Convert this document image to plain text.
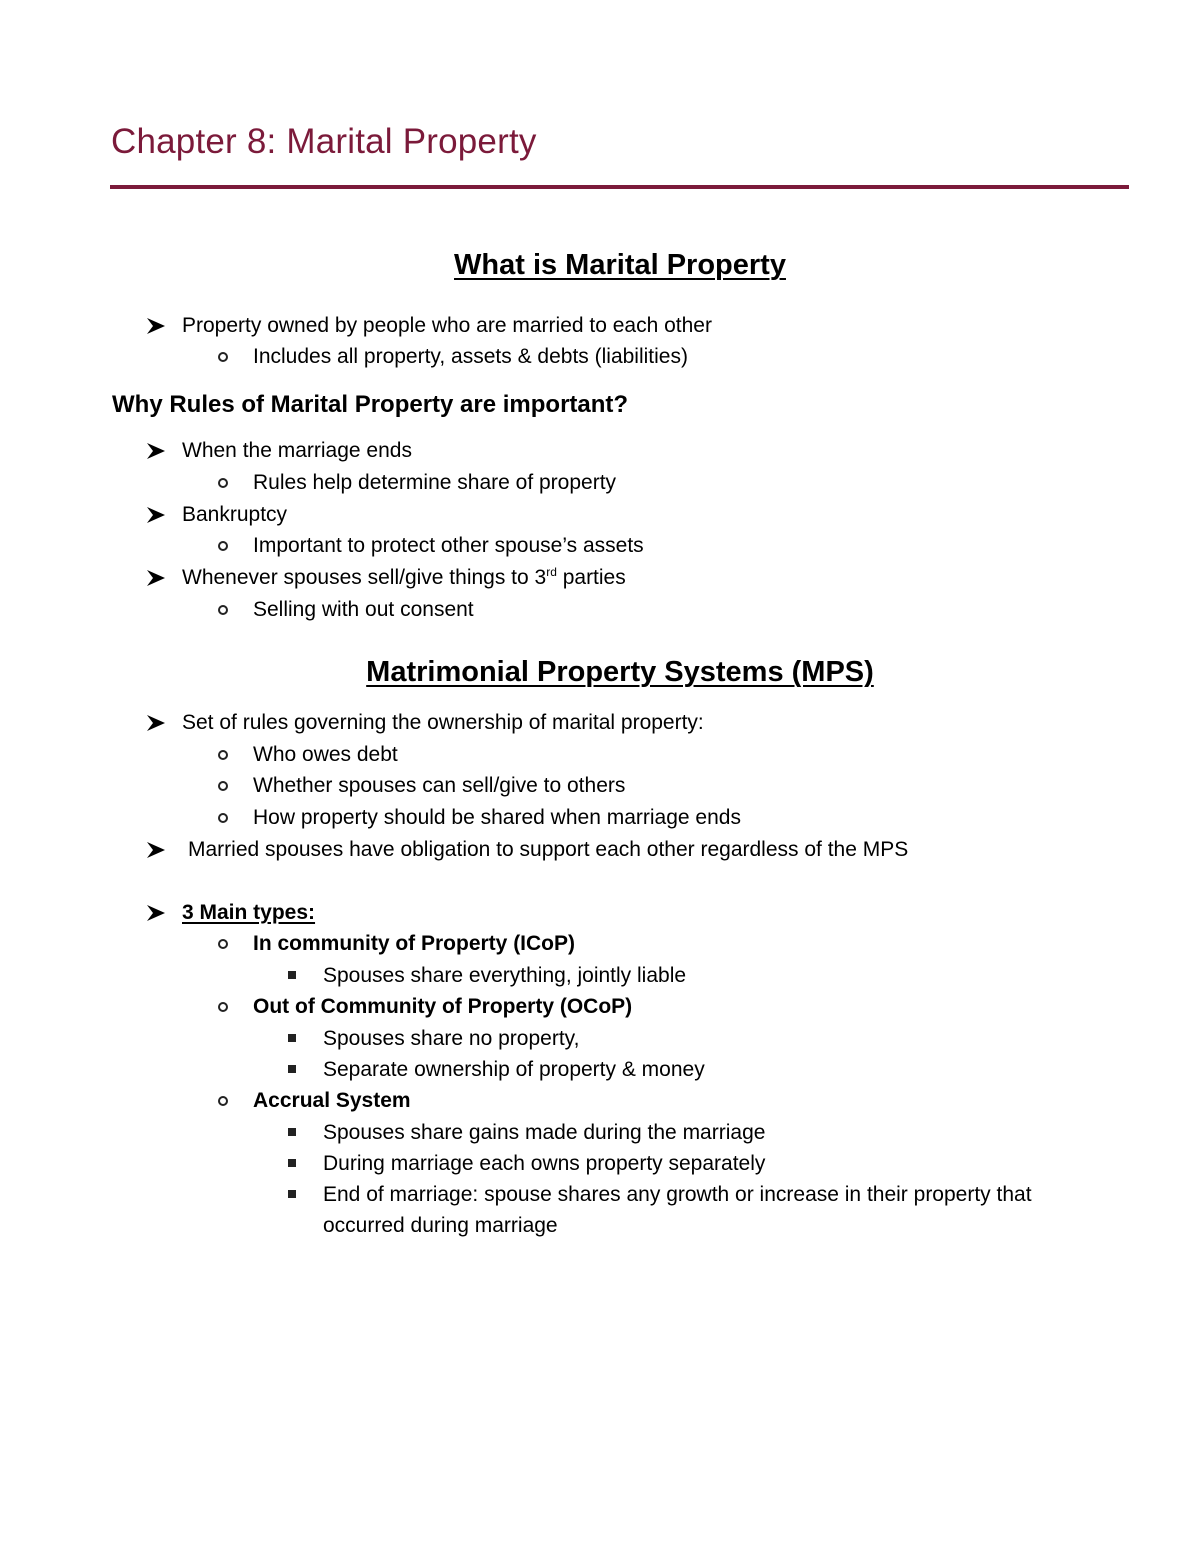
Chapter 8: Marital Property
What is Marital Property
Property owned by people who are married to each other
Includes all property, assets & debts (liabilities)
Why Rules of Marital Property are important?
When the marriage ends
Rules help determine share of property
Bankruptcy
Important to protect other spouse’s assets
Whenever spouses sell/give things to 3rd parties
Selling with out consent
Matrimonial Property Systems (MPS)
Set of rules governing the ownership of marital property:
Who owes debt
Whether spouses can sell/give to others
How property should be shared when marriage ends
Married spouses have obligation to support each other regardless of the MPS
3 Main types:
In community of Property (ICoP)
Spouses share everything, jointly liable
Out of Community of Property (OCoP)
Spouses share no property,
Separate ownership of property & money
Accrual System
Spouses share gains made during the marriage
During marriage each owns property separately
End of marriage: spouse shares any growth or increase in their property that
occurred during marriage
